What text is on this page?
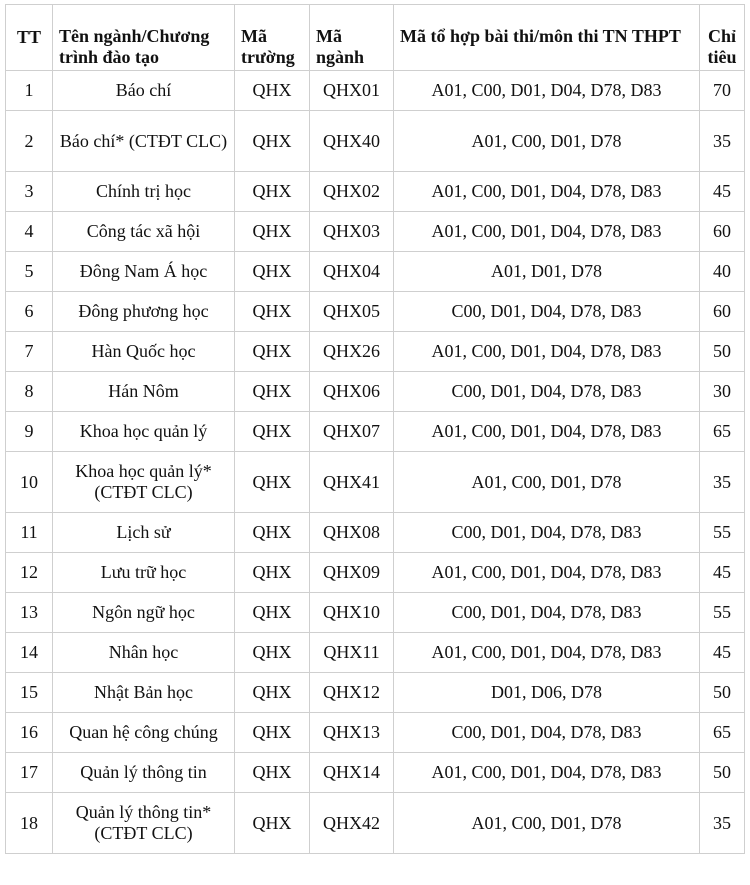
TT	Tên ngành/Chương trình đào tạo	Mã trường	Mã ngành	Mã tổ hợp bài thi/môn thi TN THPT	Chỉ tiêu
1	Báo chí	QHX	QHX01	A01, C00, D01, D04, D78, D83	70
2	Báo chí* (CTĐT CLC)	QHX	QHX40	A01, C00, D01, D78	35
3	Chính trị học	QHX	QHX02	A01, C00, D01, D04, D78, D83	45
4	Công tác xã hội	QHX	QHX03	A01, C00, D01, D04, D78, D83	60
5	Đông Nam Á học	QHX	QHX04	A01, D01, D78	40
6	Đông phương học	QHX	QHX05	C00, D01, D04, D78, D83	60
7	Hàn Quốc học	QHX	QHX26	A01, C00, D01, D04, D78, D83	50
8	Hán Nôm	QHX	QHX06	C00, D01, D04, D78, D83	30
9	Khoa học quản lý	QHX	QHX07	A01, C00, D01, D04, D78, D83	65
10	Khoa học quản lý* (CTĐT CLC)	QHX	QHX41	A01, C00, D01, D78	35
11	Lịch sử	QHX	QHX08	C00, D01, D04, D78, D83	55
12	Lưu trữ học	QHX	QHX09	A01, C00, D01, D04, D78, D83	45
13	Ngôn ngữ học	QHX	QHX10	C00, D01, D04, D78, D83	55
14	Nhân học	QHX	QHX11	A01, C00, D01, D04, D78, D83	45
15	Nhật Bản học	QHX	QHX12	D01, D06, D78	50
16	Quan hệ công chúng	QHX	QHX13	C00, D01, D04, D78, D83	65
17	Quản lý thông tin	QHX	QHX14	A01, C00, D01, D04, D78, D83	50
18	Quản lý thông tin* (CTĐT CLC)	QHX	QHX42	A01, C00, D01, D78	35
